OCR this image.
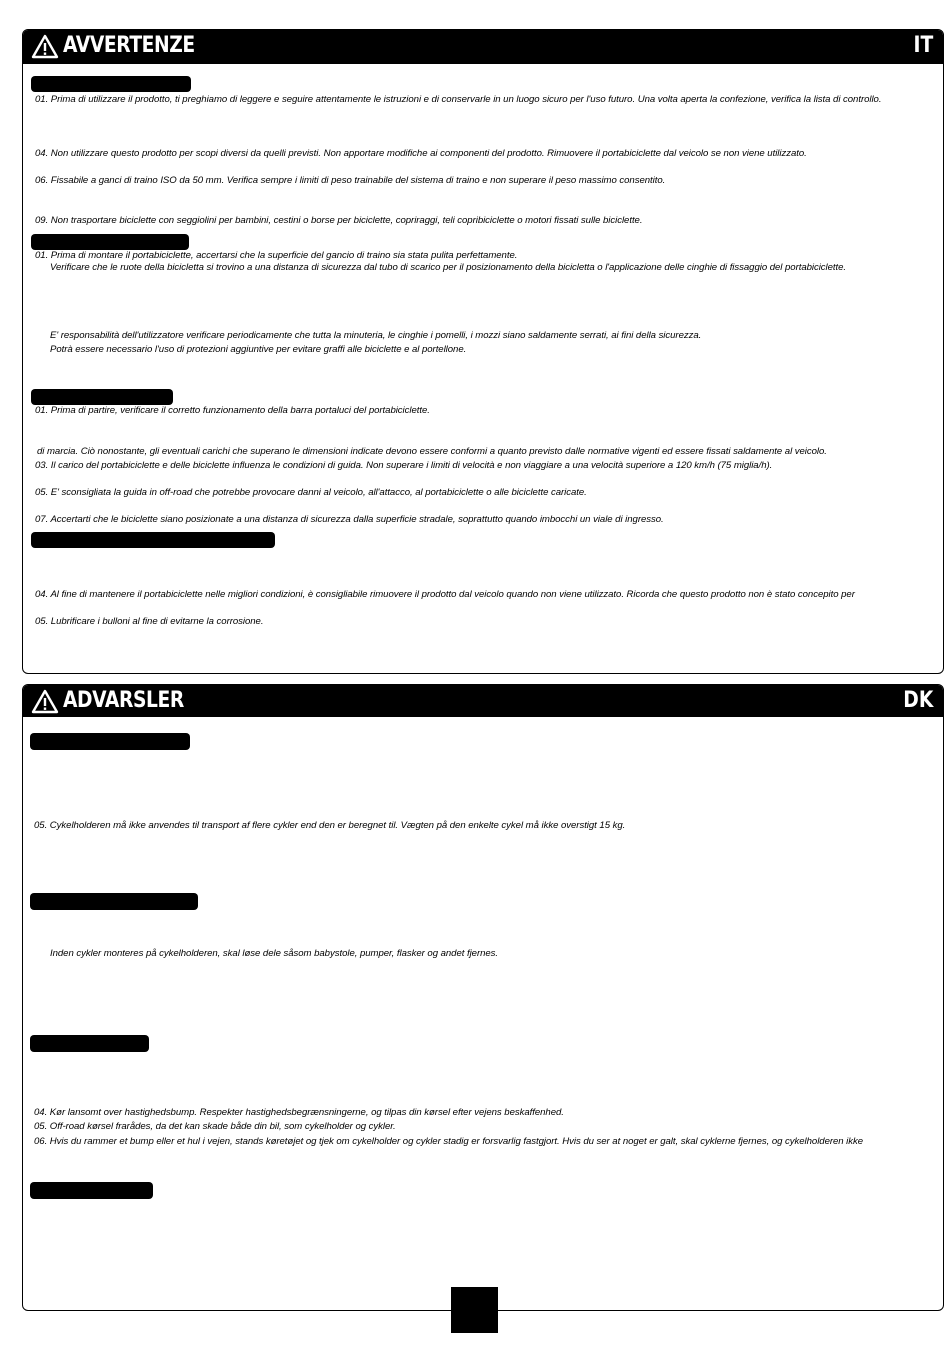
AVVERTENZE	IT
01. Prima di utilizzare il prodotto, ti preghiamo di leggere e seguire attentamente le istruzioni e di conservarle in un luogo sicuro per l'uso futuro. Una volta aperta la confezione, verifica la lista di controllo.
04. Non utilizzare questo prodotto per scopi diversi da quelli previsti. Non apportare modifiche ai componenti del prodotto. Rimuovere il portabiciclette dal veicolo se non viene utilizzato.
06. Fissabile a ganci di traino ISO da 50 mm. Verifica sempre i limiti di peso trainabile del sistema di traino e non superare il peso massimo consentito.
09. Non trasportare biciclette con seggiolini per bambini, cestini o borse per biciclette, copriraggi, teli copribiciclette o motori fissati sulle biciclette.
01. Prima di montare il portabiciclette, accertarsi che la superficie del gancio di traino sia stata pulita perfettamente.
Verificare che le ruote della bicicletta si trovino a una distanza di sicurezza dal tubo di scarico per il posizionamento della bicicletta o l'applicazione delle cinghie di fissaggio del portabiciclette.
E' responsabilità dell'utilizzatore verificare periodicamente che tutta la minuteria, le cinghie i pomelli, i mozzi siano saldamente serrati, ai fini della sicurezza.
Potrà essere necessario l'uso di protezioni aggiuntive per evitare graffi alle biciclette e al portellone.
01. Prima di partire, verificare il corretto funzionamento della barra portaluci del portabiciclette.
di marcia. Ciò nonostante, gli eventuali carichi che superano le dimensioni indicate devono essere conformi a quanto previsto dalle normative vigenti ed essere fissati saldamente al veicolo.
03. Il carico del portabiciclette e delle biciclette influenza le condizioni di guida. Non superare i limiti di velocità e non viaggiare a una velocità superiore a 120 km/h (75 miglia/h).
05. E' sconsigliata la guida in off-road che potrebbe provocare danni al veicolo, all'attacco, al portabiciclette o alle biciclette caricate.
07. Accertarti che le biciclette siano posizionate a una distanza di sicurezza dalla superficie stradale, soprattutto quando imbocchi un viale di ingresso.
04. Al fine di mantenere il portabiciclette nelle migliori condizioni, è consigliabile rimuovere il prodotto dal veicolo quando non viene utilizzato. Ricorda che questo prodotto non è stato concepito per
05. Lubrificare i bulloni al fine di evitarne la corrosione.
ADVARSLER	DK
05. Cykelholderen må ikke anvendes til transport af flere cykler end den er beregnet til. Vægten på den enkelte cykel må ikke overstigt 15 kg.
Inden cykler monteres på cykelholderen, skal løse dele såsom babystole, pumper, flasker og andet fjernes.
04. Kør lansomt over hastighedsbump. Respekter hastighedsbegrænsningerne, og tilpas din kørsel efter vejens beskaffenhed.
05. Off-road kørsel frarådes, da det kan skade både din bil, som cykelholder og cykler.
06. Hvis du rammer et bump eller et hul i vejen, stands køretøjet og tjek om cykelholder og cykler stadig er forsvarlig fastgjort. Hvis du ser at noget er galt, skal cyklerne fjernes, og cykelholderen ikke
